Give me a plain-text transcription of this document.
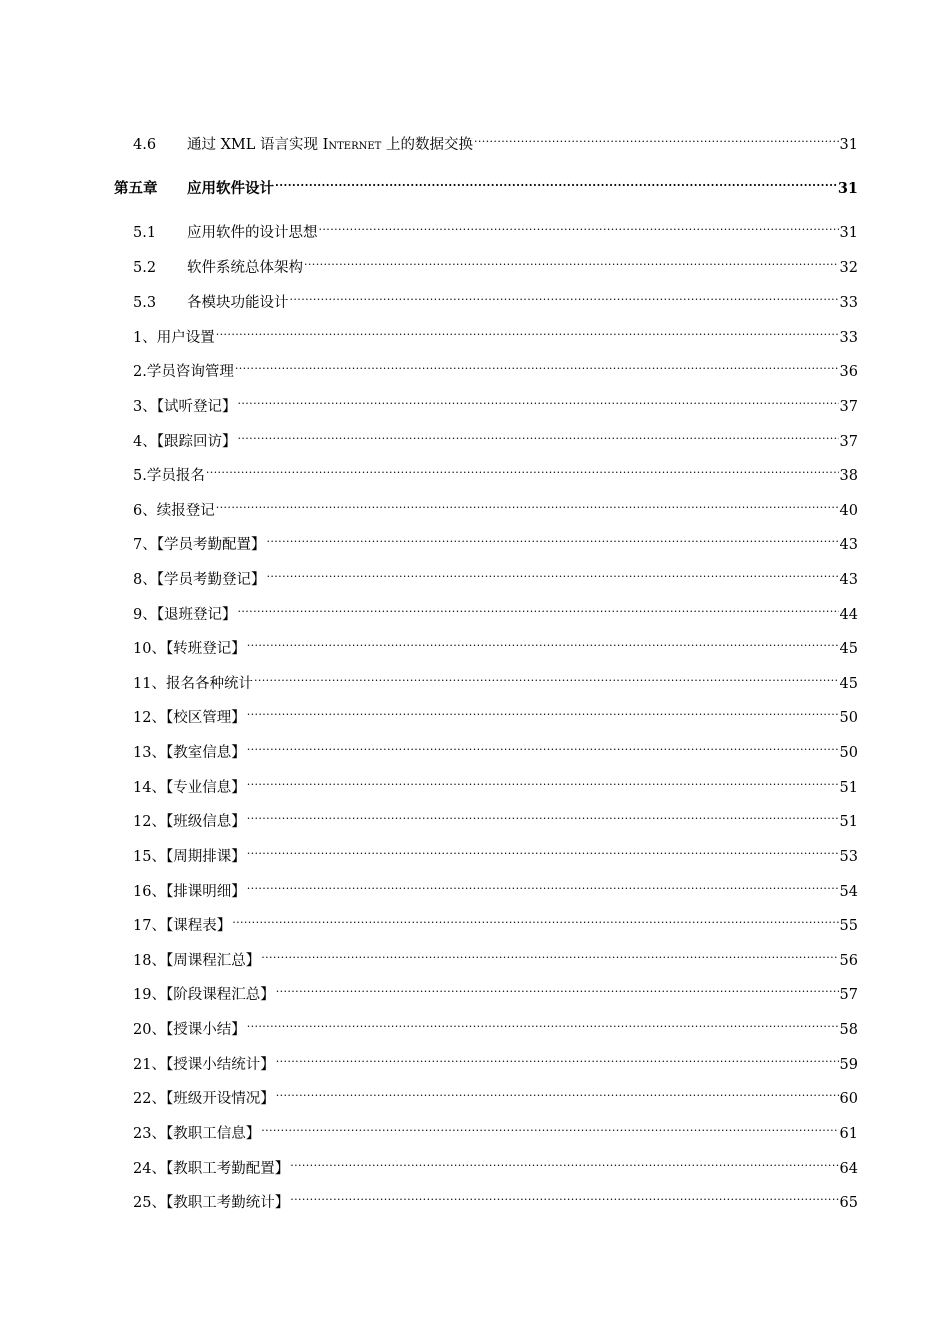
4.6	通过 XML 语言实现 Internet 上的数据交换 .....	31
第五章	应用软件设计 .....	31
5.1	应用软件的设计思想 .....	31
5.2	软件系统总体架构 .....	32
5.3	各模块功能设计 .....	33
1、用户设置 .....	33
2.学员咨询管理 .....	36
3、【试听登记】 .....	37
4、【跟踪回访】 .....	37
5.学员报名 .....	38
6、续报登记 .....	40
7、【学员考勤配置】 .....	43
8、【学员考勤登记】 .....	43
9、【退班登记】 .....	44
10、【转班登记】 .....	45
11、报名各种统计 .....	45
12、【校区管理】 .....	50
13、【教室信息】 .....	50
14、【专业信息】 .....	51
12、【班级信息】 .....	51
15、【周期排课】 .....	53
16、【排课明细】 .....	54
17、【课程表】 .....	55
18、【周课程汇总】 .....	56
19、【阶段课程汇总】 .....	57
20、【授课小结】 .....	58
21、【授课小结统计】 .....	59
22、【班级开设情况】 .....	60
23、【教职工信息】 .....	61
24、【教职工考勤配置】 .....	64
25、【教职工考勤统计】 .....	65
